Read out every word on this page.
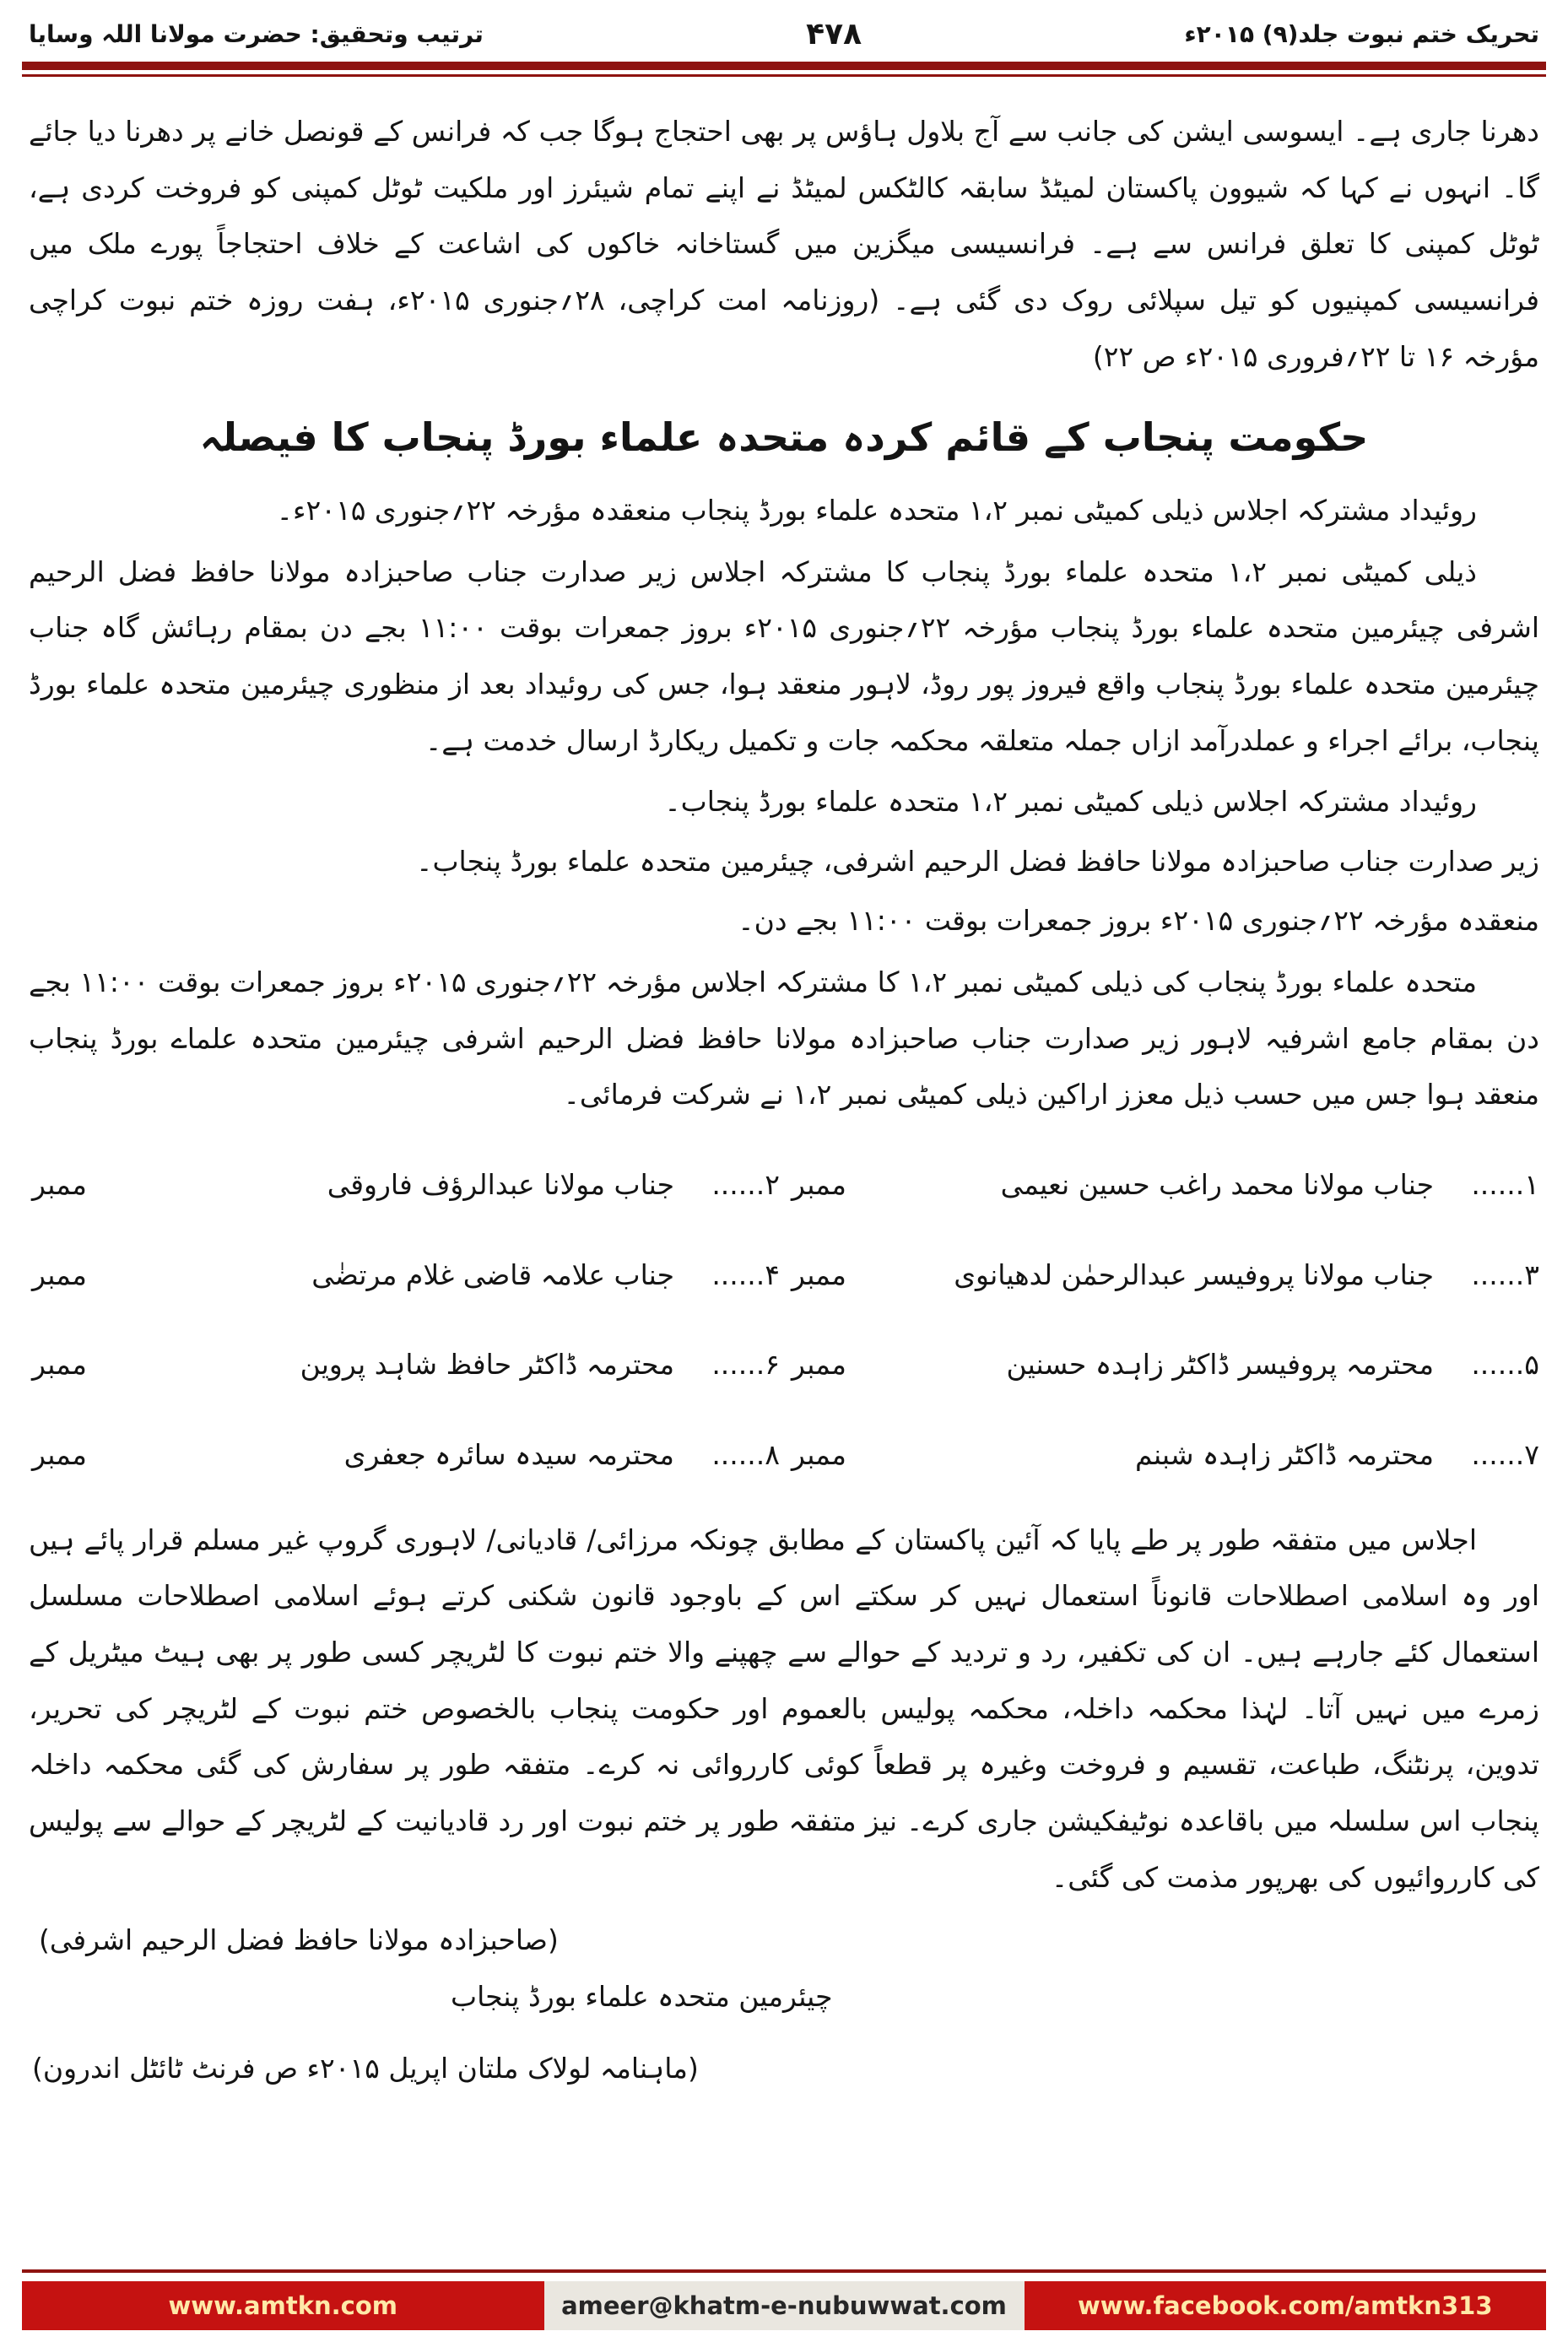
تحریک ختم نبوت جلد(۹) ۲۰۱۵ء
۴۷۸
ترتیب وتحقیق: حضرت مولانا اللہ وسایا

دھرنا جاری ہے۔ ایسوسی ایشن کی جانب سے آج بلاول ہاؤس پر بھی احتجاج ہوگا جب کہ فرانس کے قونصل خانے پر دھرنا دیا جائے گا۔ انہوں نے کہا کہ شیوون پاکستان لمیٹڈ سابقہ کالٹکس لمیٹڈ نے اپنے تمام شیئرز اور ملکیت ٹوٹل کمپنی کو فروخت کردی ہے، ٹوٹل کمپنی کا تعلق فرانس سے ہے۔ فرانسیسی میگزین میں گستاخانہ خاکوں کی اشاعت کے خلاف احتجاجاً پورے ملک میں فرانسیسی کمپنیوں کو تیل سپلائی روک دی گئی ہے۔ (روزنامہ امت کراچی، ۲۸؍جنوری ۲۰۱۵ء، ہفت روزہ ختم نبوت کراچی مؤرخہ ۱۶ تا ۲۲؍فروری ۲۰۱۵ء ص ۲۲)

حکومت پنجاب کے قائم کردہ متحدہ علماء بورڈ پنجاب کا فیصلہ

روئیداد مشترکہ اجلاس ذیلی کمیٹی نمبر ۱،۲ متحدہ علماء بورڈ پنجاب منعقدہ مؤرخہ ۲۲؍جنوری ۲۰۱۵ء۔

ذیلی کمیٹی نمبر ۱،۲ متحدہ علماء بورڈ پنجاب کا مشترکہ اجلاس زیر صدارت جناب صاحبزادہ مولانا حافظ فضل الرحیم اشرفی چیئرمین متحدہ علماء بورڈ پنجاب مؤرخہ ۲۲؍جنوری ۲۰۱۵ء بروز جمعرات بوقت ۱۱:۰۰ بجے دن بمقام رہائش گاہ جناب چیئرمین متحدہ علماء بورڈ پنجاب واقع فیروز پور روڈ، لاہور منعقد ہوا، جس کی روئیداد بعد از منظوری چیئرمین متحدہ علماء بورڈ پنجاب، برائے اجراء و عملدرآمد ازاں جملہ متعلقہ محکمہ جات و تکمیل ریکارڈ ارسال خدمت ہے۔

روئیداد مشترکہ اجلاس ذیلی کمیٹی نمبر ۱،۲ متحدہ علماء بورڈ پنجاب۔

زیر صدارت جناب صاحبزادہ مولانا حافظ فضل الرحیم اشرفی، چیئرمین متحدہ علماء بورڈ پنجاب۔

منعقدہ مؤرخہ ۲۲؍جنوری ۲۰۱۵ء بروز جمعرات بوقت ۱۱:۰۰ بجے دن۔

متحدہ علماء بورڈ پنجاب کی ذیلی کمیٹی نمبر ۱،۲ کا مشترکہ اجلاس مؤرخہ ۲۲؍جنوری ۲۰۱۵ء بروز جمعرات بوقت ۱۱:۰۰ بجے دن بمقام جامع اشرفیہ لاہور زیر صدارت جناب صاحبزادہ مولانا حافظ فضل الرحیم اشرفی چیئرمین متحدہ علماے بورڈ پنجاب منعقد ہوا جس میں حسب ذیل معزز اراکین ذیلی کمیٹی نمبر ۱،۲ نے شرکت فرمائی۔

۱......
جناب مولانا محمد راغب حسین نعیمی
ممبر
۲......
جناب مولانا عبدالرؤف فاروقی
ممبر
۳......
جناب مولانا پروفیسر عبدالرحمٰن لدھیانوی
ممبر
۴......
جناب علامہ قاضی غلام مرتضٰی
ممبر
۵......
محترمہ پروفیسر ڈاکٹر زاہدہ حسنین
ممبر
۶......
محترمہ ڈاکٹر حافظ شاہد پروین
ممبر
۷......
محترمہ ڈاکٹر زاہدہ شبنم
ممبر
۸......
محترمہ سیدہ سائرہ جعفری
ممبر

اجلاس میں متفقہ طور پر طے پایا کہ آئین پاکستان کے مطابق چونکہ مرزائی/ قادیانی/ لاہوری گروپ غیر مسلم قرار پائے ہیں اور وہ اسلامی اصطلاحات قانوناً استعمال نہیں کر سکتے اس کے باوجود قانون شکنی کرتے ہوئے اسلامی اصطلاحات مسلسل استعمال کئے جارہے ہیں۔ ان کی تکفیر، رد و تردید کے حوالے سے چھپنے والا ختم نبوت کا لٹریچر کسی طور پر بھی ہیٹ میٹریل کے زمرے میں نہیں آتا۔ لہٰذا محکمہ داخلہ، محکمہ پولیس بالعموم اور حکومت پنجاب بالخصوص ختم نبوت کے لٹریچر کی تحریر، تدوین، پرنٹنگ، طباعت، تقسیم و فروخت وغیرہ پر قطعاً کوئی کارروائی نہ کرے۔ متفقہ طور پر سفارش کی گئی محکمہ داخلہ پنجاب اس سلسلہ میں باقاعدہ نوٹیفکیشن جاری کرے۔ نیز متفقہ طور پر ختم نبوت اور رد قادیانیت کے لٹریچر کے حوالے سے پولیس کی کارروائیوں کی بھرپور مذمت کی گئی۔

(صاحبزادہ مولانا حافظ فضل الرحیم اشرفی)
چیئرمین متحدہ علماء بورڈ پنجاب
(ماہنامہ لولاک ملتان اپریل ۲۰۱۵ء ص فرنٹ ٹائٹل اندرون)
www.amtkn.com	ameer@khatm-e-nubuwwat.com	www.facebook.com/amtkn313
